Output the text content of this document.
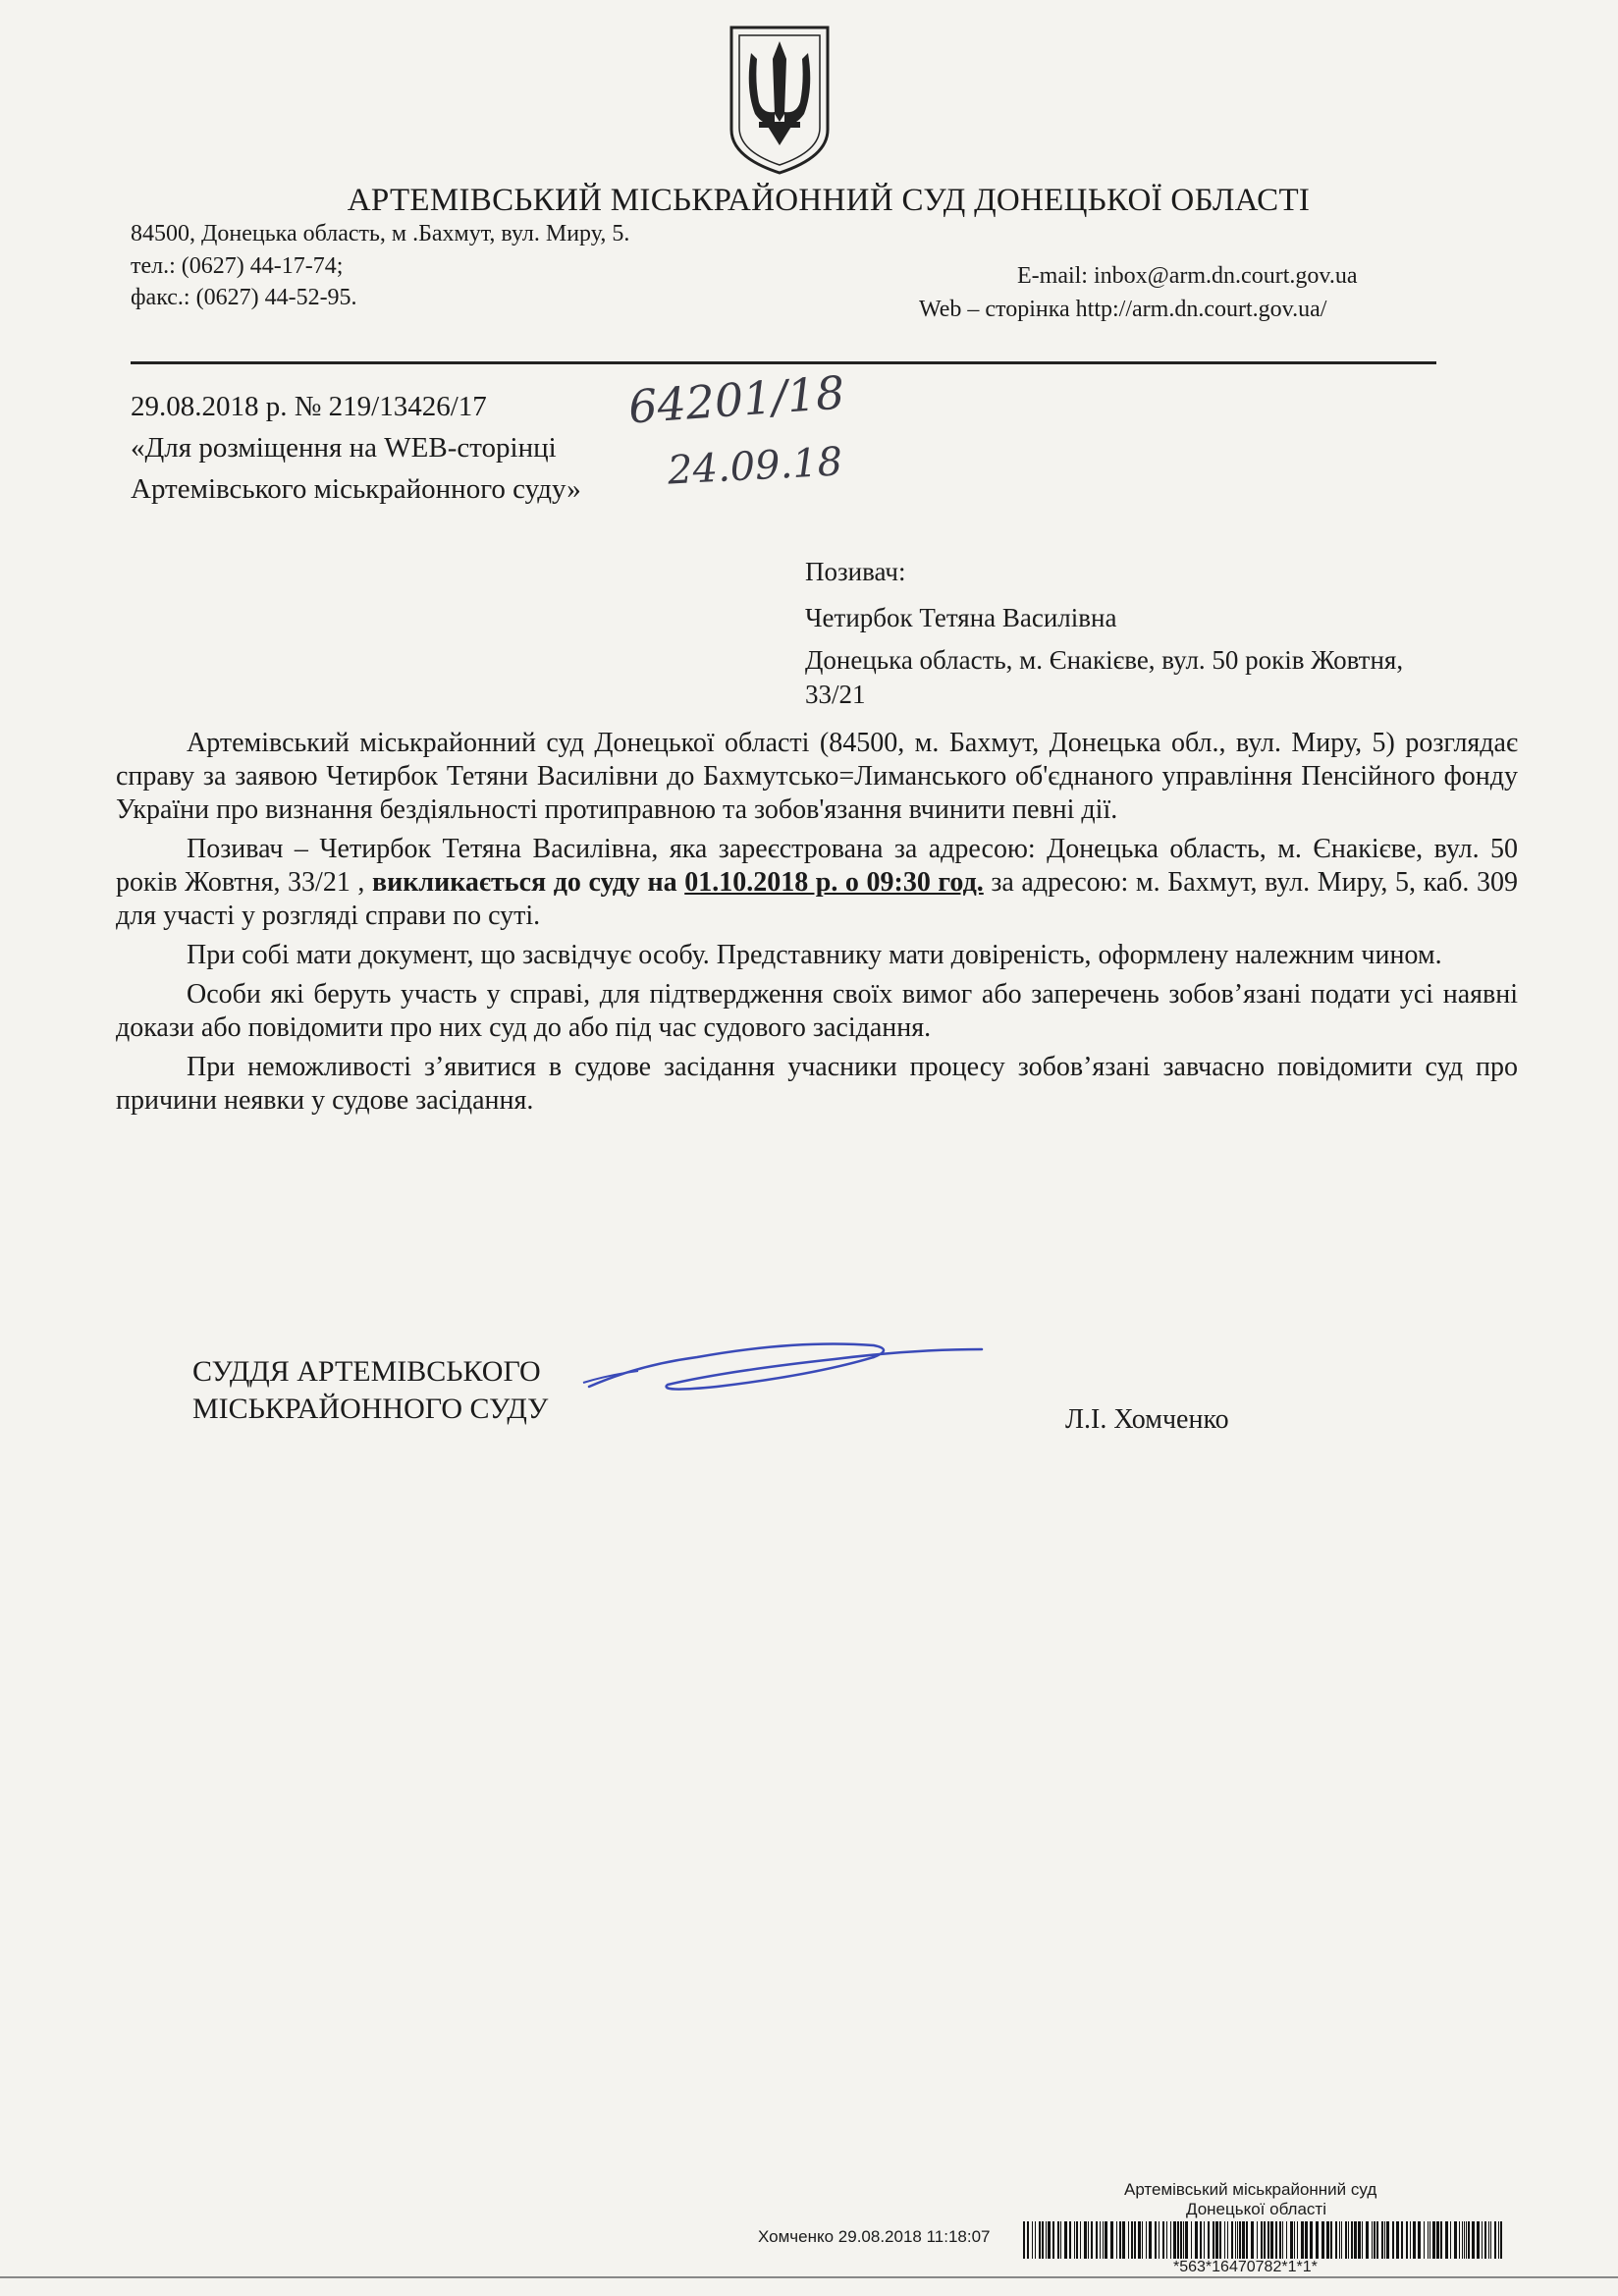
АРТЕМІВСЬКИЙ МІСЬКРАЙОННИЙ СУД ДОНЕЦЬКОЇ ОБЛАСТІ
84500, Донецька область, м .Бахмут, вул. Миру, 5.
тел.: (0627) 44-17-74;
факс.: (0627) 44-52-95.
E-mail: inbox@arm.dn.court.gov.ua
Web – сторінка http://arm.dn.court.gov.ua/
29.08.2018 р. № 219/13426/17	64201/18
«Для розміщення на WEB-сторінці
Артемівського міськрайонного суду» 24.09.18
Позивач:
Четирбок Тетяна Василівна
Донецька область, м. Єнакієве, вул. 50 років Жовтня,
33/21

Артемівський міськрайонний суд Донецької області (84500, м. Бахмут, Донецька обл., вул. Миру, 5) розглядає справу за заявою Четирбок Тетяни Василівни до Бахмутсько=Лиманського об'єднаного управління Пенсійного фонду України про визнання бездіяльності протиправною та зобов'язання вчинити певні дії.

Позивач – Четирбок Тетяна Василівна, яка зареєстрована за адресою: Донецька область, м. Єнакієве, вул. 50 років Жовтня, 33/21 , викликається до суду на 01.10.2018 р. о 09:30 год. за адресою: м. Бахмут, вул. Миру, 5, каб. 309 для участі у розгляді справи по суті.

При собі мати документ, що засвідчує особу. Представнику мати довіреність, оформлену належним чином.

Особи які беруть участь у справі, для підтвердження своїх вимог або заперечень зобов’язані подати усі наявні докази або повідомити про них суд до або під час судового засідання.

При неможливості з’явитися в судове засідання учасники процесу зобов’язані завчасно повідомити суд про причини неявки у судове засідання.

СУДДЯ АРТЕМІВСЬКОГО
МІСЬКРАЙОННОГО СУДУ	Л.І. Хомченко
Артемівський міськрайонний суд
Донецької області
Хомченко 29.08.2018 11:18:07
*563*16470782*1*1*
